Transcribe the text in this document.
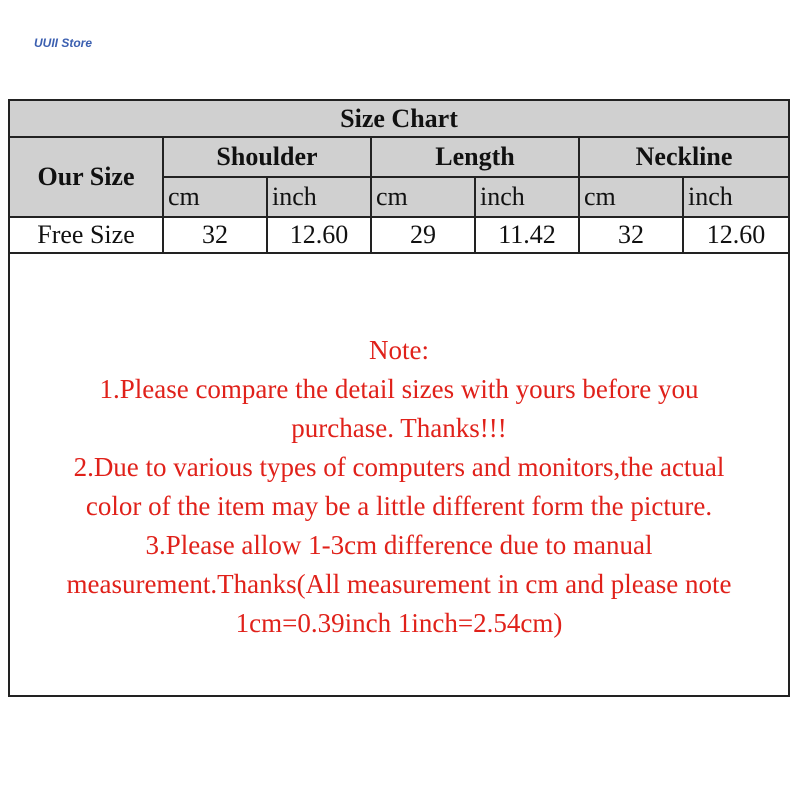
UUII Store
Size Chart						
Our Size	Shoulder		Length		Neckline	
	cm	inch	cm	inch	cm	inch
Free Size	32	12.60	29	11.42	32	12.60
Note:
1.Please compare the detail sizes with yours before you
purchase. Thanks!!!
2.Due to various types of computers and monitors,the actual
color of the item may be a little different form the picture.
3.Please allow 1-3cm difference due to manual
measurement.Thanks(All measurement in cm and please note
1cm=0.39inch 1inch=2.54cm)
